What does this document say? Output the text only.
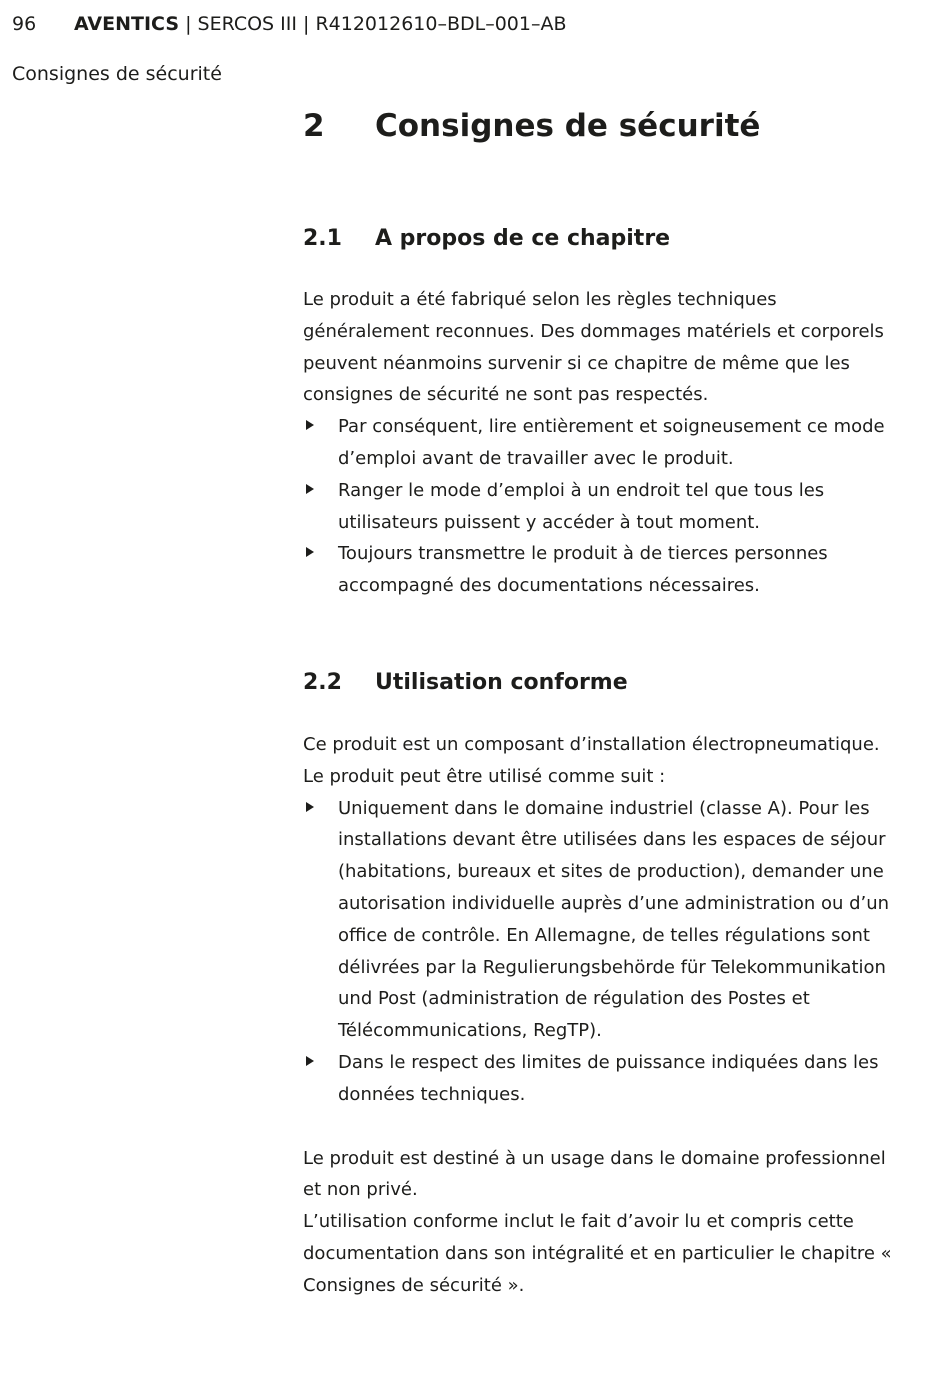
96 AVENTICS | SERCOS III | R412012610–BDL–001–AB
Consignes de sécurité
2 Consignes de sécurité
2.1 A propos de ce chapitre

Le produit a été fabriqué selon les règles techniques généralement reconnues. Des dommages matériels et corporels peuvent néanmoins survenir si ce chapitre de même que les consignes de sécurité ne sont pas respectés.

Par conséquent, lire entièrement et soigneusement ce mode d’emploi avant de travailler avec le produit.
Ranger le mode d’emploi à un endroit tel que tous les utilisateurs puissent y accéder à tout moment.
Toujours transmettre le produit à de tierces personnes accompagné des documentations nécessaires.
2.2 Utilisation conforme

Ce produit est un composant d’installation électropneumatique.

Le produit peut être utilisé comme suit :

Uniquement dans le domaine industriel (classe A). Pour les installations devant être utilisées dans les espaces de séjour (habitations, bureaux et sites de production), demander une autorisation individuelle auprès d’une administration ou d’un office de contrôle. En Allemagne, de telles régulations sont délivrées par la Regulierungsbehörde für Telekommunikation und Post (administration de régulation des Postes et Télécommunications, RegTP).
Dans le respect des limites de puissance indiquées dans les données techniques.

Le produit est destiné à un usage dans le domaine professionnel et non privé.

L’utilisation conforme inclut le fait d’avoir lu et compris cette documentation dans son intégralité et en particulier le chapitre « Consignes de sécurité ».
